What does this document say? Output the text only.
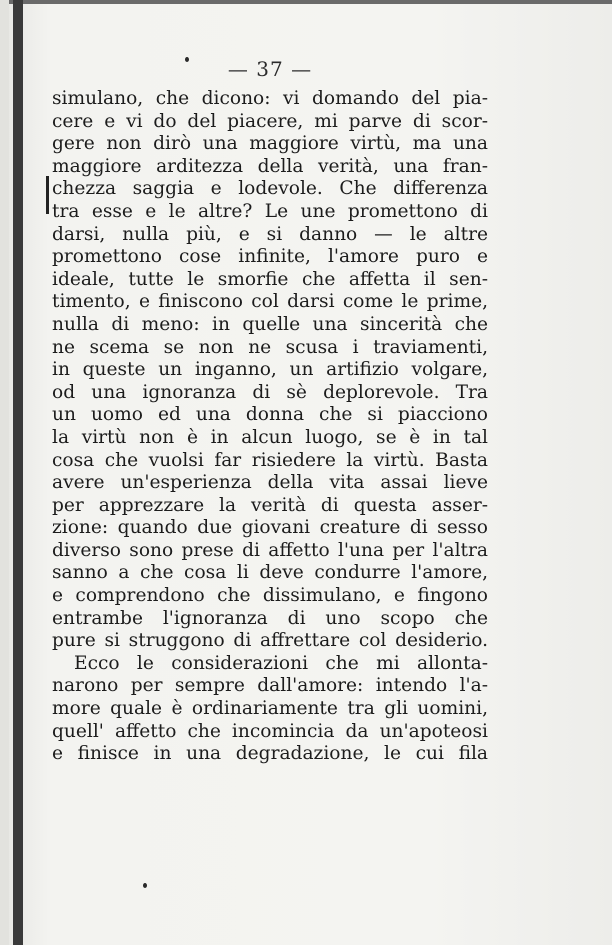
— 37 —
simulano, che dicono: vi domando del pia-
cere e vi do del piacere, mi parve di scor-
gere non dirò una maggiore virtù, ma una
maggiore arditezza della verità, una fran-
chezza saggia e lodevole. Che differenza
tra esse e le altre? Le une promettono di
darsi, nulla più, e si danno — le altre
promettono cose infinite, l'amore puro e
ideale, tutte le smorfie che affetta il sen-
timento, e finiscono col darsi come le prime,
nulla di meno: in quelle una sincerità che
ne scema se non ne scusa i traviamenti,
in queste un inganno, un artifizio volgare,
od una ignoranza di sè deplorevole. Tra
un uomo ed una donna che si piacciono
la virtù non è in alcun luogo, se è in tal
cosa che vuolsi far risiedere la virtù. Basta
avere un'esperienza della vita assai lieve
per apprezzare la verità di questa asser-
zione: quando due giovani creature di sesso
diverso sono prese di affetto l'una per l'altra
sanno a che cosa li deve condurre l'amore,
e comprendono che dissimulano, e fingono
entrambe l'ignoranza di uno scopo che
pure si struggono di affrettare col desiderio.
Ecco le considerazioni che mi allonta-
narono per sempre dall'amore: intendo l'a-
more quale è ordinariamente tra gli uomini,
quell' affetto che incomincia da un'apoteosi
e finisce in una degradazione, le cui fila
